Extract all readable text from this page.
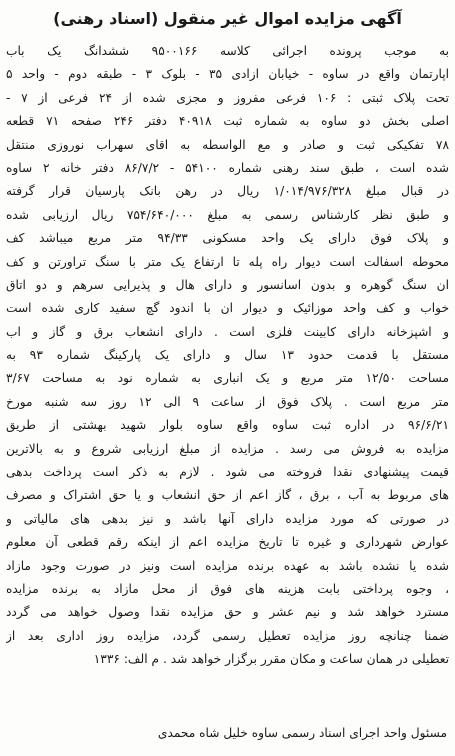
آگهی مزایده اموال غیر منقول (اسناد رهنی)
به موجب پرونده اجرائی کلاسه ۹۵۰۰۱۶۶ ششدانگ یک باب
اپارتمان واقع در ساوه - خیابان ازادی ۳۵ - بلوک ۳ - طبقه دوم - واحد ۵
تحت پلاک ثبتی : ۱۰۶ فرعی مفروز و مجزی شده از ۲۴ فرعی از ۷ -
اصلی بخش دو ساوه به شماره ثبت ۴۰۹۱۸ دفتر ۲۴۶ صفحه ۷۱ قطعه
۷۸ تفکیکی ثبت و صادر و مع الواسطه به اقای سهراب نوروزی منتقل
شده است ، طبق سند رهنی شماره ۵۴۱۰۰ - ۸۶/۷/۲ دفتر خانه ۲ ساوه
در قبال مبلغ ۱/۰۱۴/۹۷۶/۳۲۸ ریال در رهن بانک پارسیان قرار گرفته
و طبق نظر کارشناس رسمی به مبلغ ۷۵۴/۶۴۰/۰۰۰ ریال ارزیابی شده
و پلاک فوق دارای یک واحد مسکونی ۹۴/۳۳ متر مربع میباشد کف
محوطه اسفالت است دیوار راه پله تا ارتفاع یک متر با سنگ تراورتن و کف
ان سنگ گوهره و بدون اسانسور و دارای هال و پذیرایی سرهم و دو اتاق
خواب و کف واحد موزائیک و دیوار ان با اندود گچ سفید کاری شده است
و اشپزخانه دارای کابینت فلزی است . دارای انشعاب برق و گاز و اب
مستقل با قدمت حدود ۱۳ سال و دارای یک پارکینگ شماره ۹۳ به
مساحت ۱۲/۵۰ متر مربع و یک انباری به شماره نود به مساحت ۳/۶۷
متر مربع است . پلاک فوق از ساعت ۹ الی ۱۲ روز سه شنبه مورخ
۹۶/۶/۲۱ در اداره ثبت ساوه واقع ساوه بلوار شهید بهشتی از طریق
مزایده به فروش می رسد . مزایده از مبلغ ارزیابی شروع و به بالاترین
قیمت پیشنهادی نقدا فروخته می شود . لازم به ذکر است پرداخت بدهی
های مربوط به آب ، برق ، گاز اعم از حق انشعاب و یا حق اشتراک و مصرف
در صورتی که مورد مزایده دارای آنها باشد و نیز بدهی های مالیاتی و
عوارض شهرداری و غیره تا تاریخ مزایده اعم از اینکه رقم قطعی آن معلوم
شده یا نشده باشد به عهده برنده مزایده است ونیز در صورت وجود مازاد
، وجوه پرداختی بابت هزینه های فوق از محل مازاد به برنده مزایده
مسترد خواهد شد و نیم عشر و حق مزایده نقدا وصول خواهد می گردد
ضمنا چنانچه روز مزایده تعطیل رسمی گردد، مزایده روز اداری بعد از
تعطیلی در همان ساعت و مکان مقرر برگزار خواهد شد . م الف: ۱۳۳۶

مسئول واحد اجرای اسناد رسمی ساوه خلیل شاه محمدی
